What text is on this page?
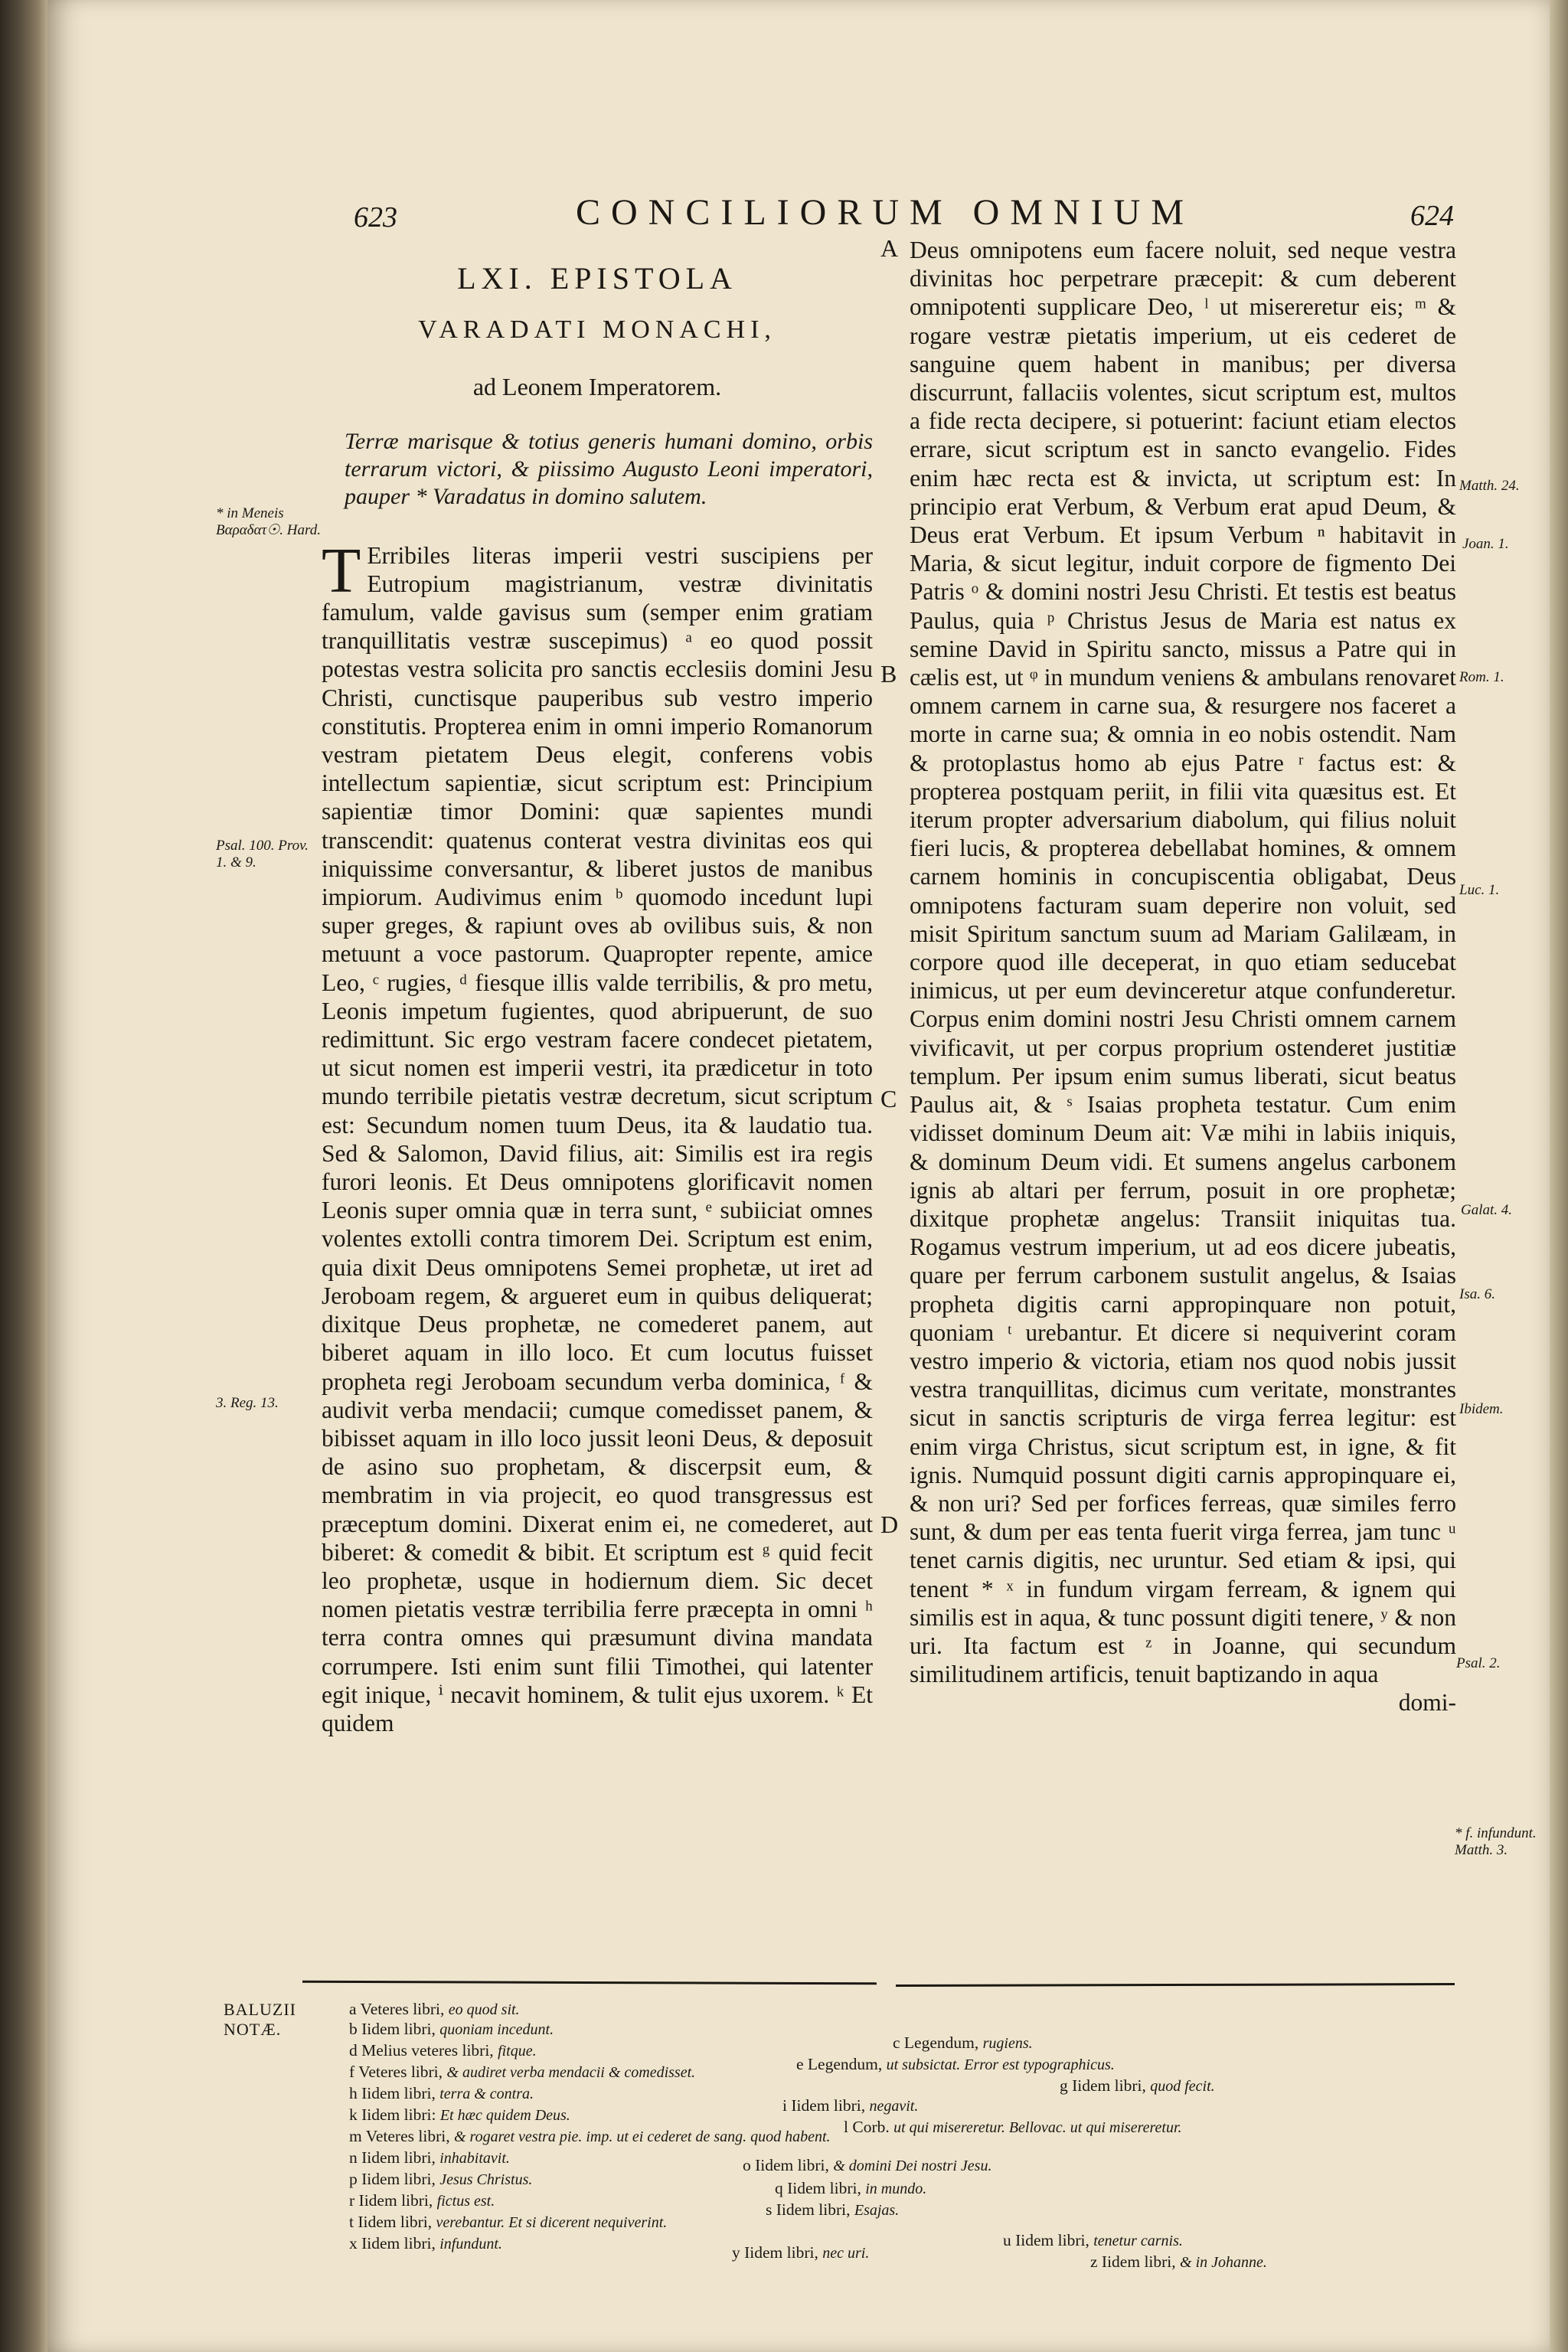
623	CONCILIORUM OMNIUM	624
LXI. EPISTOLA
VARADATI MONACHI,
ad Leonem Imperatorem.
Terræ marisque & totius generis humani domino, orbis terrarum victori, & piissimo Augusto Leoni imperatori, pauper * Varadatus in domino salutem.

T Erribiles literas imperii vestri suscipiens per Eutropium magistrianum, vestræ divinitatis famulum, valde gavisus sum (semper enim gratiam tranquillitatis vestræ suscepimus) ᵃ eo quod possit potestas vestra solicita pro sanctis ecclesiis domini Jesu Christi, cunctisque pauperibus sub vestro imperio constitutis. Propterea enim in omni imperio Romanorum vestram pietatem Deus elegit, conferens vobis intellectum sapientiæ, sicut scriptum est: Principium sapientiæ timor Domini: quæ sapientes mundi transcendit: quatenus conterat vestra divinitas eos qui iniquissime conversantur, & liberet justos de manibus impiorum. Audivimus enim ᵇ quomodo incedunt lupi super greges, & rapiunt oves ab ovilibus suis, & non metuunt a voce pastorum. Quapropter repente, amice Leo, ᶜ rugies, ᵈ fiesque illis valde terribilis, & pro metu, Leonis impetum fugientes, quod abripuerunt, de suo redimittunt. Sic ergo vestram facere condecet pietatem, ut sicut nomen est imperii vestri, ita prædicetur in toto mundo terribile pietatis vestræ decretum, sicut scriptum est: Secundum nomen tuum Deus, ita & laudatio tua. Sed & Salomon, David filius, ait: Similis est ira regis furori leonis. Et Deus omnipotens glorificavit nomen Leonis super omnia quæ in terra sunt, ᵉ subiiciat omnes volentes extolli contra timorem Dei. Scriptum est enim, quia dixit Deus omnipotens Semei prophetæ, ut iret ad Jeroboam regem, & argueret eum in quibus deliquerat; dixitque Deus prophetæ, ne comederet panem, aut biberet aquam in illo loco. Et cum locutus fuisset propheta regi Jeroboam secundum verba dominica, ᶠ & audivit verba mendacii; cumque comedisset panem, & bibisset aquam in illo loco jussit leoni Deus, & deposuit de asino suo prophetam, & discerpsit eum, & membratim in via projecit, eo quod transgressus est præceptum domini. Dixerat enim ei, ne comederet, aut biberet: & comedit & bibit. Et scriptum est ᵍ quid fecit leo prophetæ, usque in hodiernum diem. Sic decet nomen pietatis vestræ terribilia ferre præcepta in omni ʰ terra contra omnes qui præsumunt divina mandata corrumpere. Isti enim sunt filii Timothei, qui latenter egit inique, ⁱ necavit hominem, & tulit ejus uxorem. ᵏ Et quidem

Deus omnipotens eum facere noluit, sed neque vestra divinitas hoc perpetrare præcepit: & cum deberent omnipotenti supplicare Deo, ˡ ut misereretur eis; ᵐ & rogare vestræ pietatis imperium, ut eis cederet de sanguine quem habent in manibus; per diversa discurrunt, fallaciis volentes, sicut scriptum est, multos a fide recta decipere, si potuerint: faciunt etiam electos errare, sicut scriptum est in sancto evangelio. Fides enim hæc recta est & invicta, ut scriptum est: In principio erat Verbum, & Verbum erat apud Deum, & Deus erat Verbum. Et ipsum Verbum ⁿ habitavit in Maria, & sicut legitur, induit corpore de figmento Dei Patris ᵒ & domini nostri Jesu Christi. Et testis est beatus Paulus, quia ᵖ Christus Jesus de Maria est natus ex semine David in Spiritu sancto, missus a Patre qui in cælis est, ut ᵠ in mundum veniens & ambulans renovaret omnem carnem in carne sua, & resurgere nos faceret a morte in carne sua; & omnia in eo nobis ostendit. Nam & protoplastus homo ab ejus Patre ʳ factus est: & propterea postquam periit, in filii vita quæsitus est. Et iterum propter adversarium diabolum, qui filius noluit fieri lucis, & propterea debellabat homines, & omnem carnem hominis in concupiscentia obligabat, Deus omnipotens facturam suam deperire non voluit, sed misit Spiritum sanctum suum ad Mariam Galilæam, in corpore quod ille deceperat, in quo etiam seducebat inimicus, ut per eum devinceretur atque confunderetur. Corpus enim domini nostri Jesu Christi omnem carnem vivificavit, ut per corpus proprium ostenderet justitiæ templum. Per ipsum enim sumus liberati, sicut beatus Paulus ait, & ˢ Isaias propheta testatur. Cum enim vidisset dominum Deum ait: Væ mihi in labiis iniquis, & dominum Deum vidi. Et sumens angelus carbonem ignis ab altari per ferrum, posuit in ore prophetæ; dixitque prophetæ angelus: Transiit iniquitas tua. Rogamus vestrum imperium, ut ad eos dicere jubeatis, quare per ferrum carbonem sustulit angelus, & Isaias propheta digitis carni appropinquare non potuit, quoniam ᵗ urebantur. Et dicere si nequiverint coram vestro imperio & victoria, etiam nos quod nobis jussit vestra tranquillitas, dicimus cum veritate, monstrantes sicut in sanctis scripturis de virga ferrea legitur: est enim virga Christus, sicut scriptum est, in igne, & fit ignis. Numquid possunt digiti carnis appropinquare ei, & non uri? Sed per forfices ferreas, quæ similes ferro sunt, & dum per eas tenta fuerit virga ferrea, jam tunc ᵘ tenet carnis digitis, nec uruntur. Sed etiam & ipsi, qui tenent * ˣ in fundum virgam ferream, & ignem qui similis est in aqua, & tunc possunt digiti tenere, ʸ & non uri. Ita factum est ᶻ in Joanne, qui secundum similitudinem artificis, tenuit baptizando in aqua

domi-
A
B
C
D
* in Meneis Βαραδατ☉. Hard.
Psal. 100. Prov. 1. & 9.
3. Reg. 13.
Matth. 24.
Joan. 1.
Rom. 1.
Luc. 1.
Galat. 4.
Isa. 6.
Ibidem.
Psal. 2.
* f. infundunt. Matth. 3.
BALUZII NOTÆ.
a Veteres libri, eo quod sit.
b Iidem libri, quoniam incedunt.
c Legendum, rugiens.
d Melius veteres libri, fitque.
e Legendum, ut subsictat. Error est typographicus.
f Veteres libri, & audiret verba mendacii & comedisset.
g Iidem libri, quod fecit.
h Iidem libri, terra & contra.
i Iidem libri, negavit.
k Iidem libri: Et hæc quidem Deus.
l Corb. ut qui misereretur. Bellovac. ut qui misereretur.
m Veteres libri, & rogaret vestra pie. imp. ut ei cederet de sang. quod habent.
n Iidem libri, inhabitavit.	o Iidem libri, & domini Dei nostri Jesu.
p Iidem libri, Jesus Christus.	q Iidem libri, in mundo.
r Iidem libri, fictus est.	s Iidem libri, Esajas.
t Iidem libri, verebantur. Et si dicerent nequiverint.
u Iidem libri, tenetur carnis.
x Iidem libri, infundunt.	y Iidem libri, nec uri.	z Iidem libri, & in Johanne.
